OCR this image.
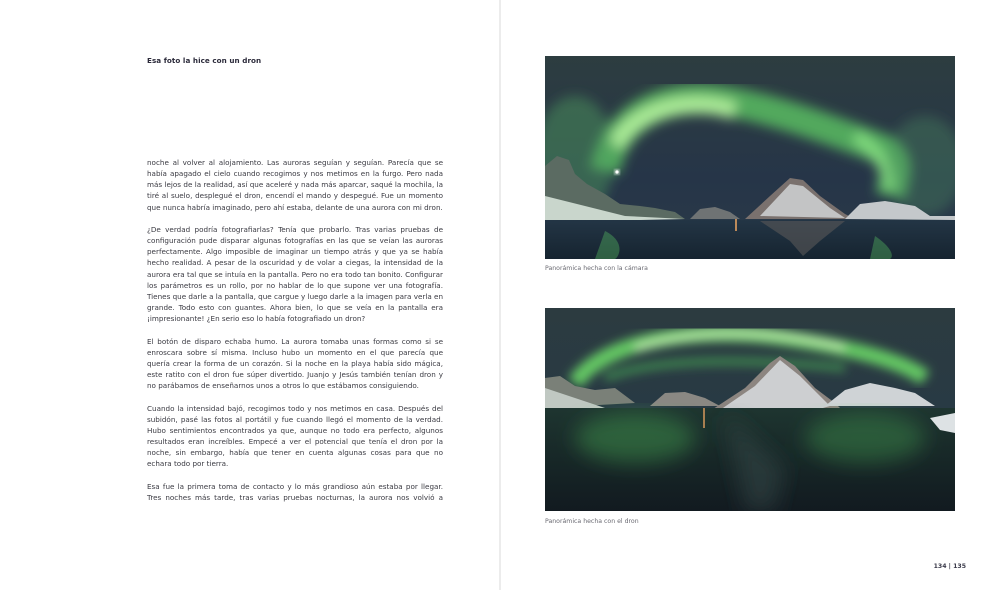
Esa foto la hice con un dron

noche al volver al alojamiento. Las auroras seguían y seguían. Parecía que se había apagado el cielo cuando recogimos y nos metimos en la furgo. Pero nada más lejos de la realidad, así que aceleré y nada más aparcar, saqué la mochila, la tiré al suelo, desplegué el dron, encendí el mando y despegué. Fue un momento que nunca habría imaginado, pero ahí estaba, delante de una aurora con mi dron.

¿De verdad podría fotografiarlas? Tenía que probarlo. Tras varias pruebas de configuración pude disparar algunas fotografías en las que se veían las auroras perfectamente. Algo imposible de imaginar un tiempo atrás y que ya se había hecho realidad. A pesar de la oscuridad y de volar a ciegas, la intensidad de la aurora era tal que se intuía en la pantalla. Pero no era todo tan bonito. Configurar los parámetros es un rollo, por no hablar de lo que supone ver una fotografía. Tienes que darle a la pantalla, que cargue y luego darle a la imagen para verla en grande. Todo esto con guantes. Ahora bien, lo que se veía en la pantalla era ¡impresionante! ¿En serio eso lo había fotografiado un dron?

El botón de disparo echaba humo. La aurora tomaba unas formas como si se enroscara sobre sí misma. Incluso hubo un momento en el que parecía que quería crear la forma de un corazón. Si la noche en la playa había sido mágica, este ratito con el dron fue súper divertido. Juanjo y Jesús también tenían dron y no parábamos de enseñarnos unos a otros lo que estábamos consiguiendo.

Cuando la intensidad bajó, recogimos todo y nos metimos en casa. Después del subidón, pasé las fotos al portátil y fue cuando llegó el momento de la verdad. Hubo sentimientos encontrados ya que, aunque no todo era perfecto, algunos resultados eran increíbles. Empecé a ver el potencial que tenía el dron por la noche, sin embargo, había que tener en cuenta algunas cosas para que no echara todo por tierra.

Esa fue la primera toma de contacto y lo más grandioso aún estaba por llegar. Tres noches más tarde, tras varias pruebas nocturnas, la aurora nos volvió a

Panorámica hecha con la cámara
Panorámica hecha con el dron
134 | 135
